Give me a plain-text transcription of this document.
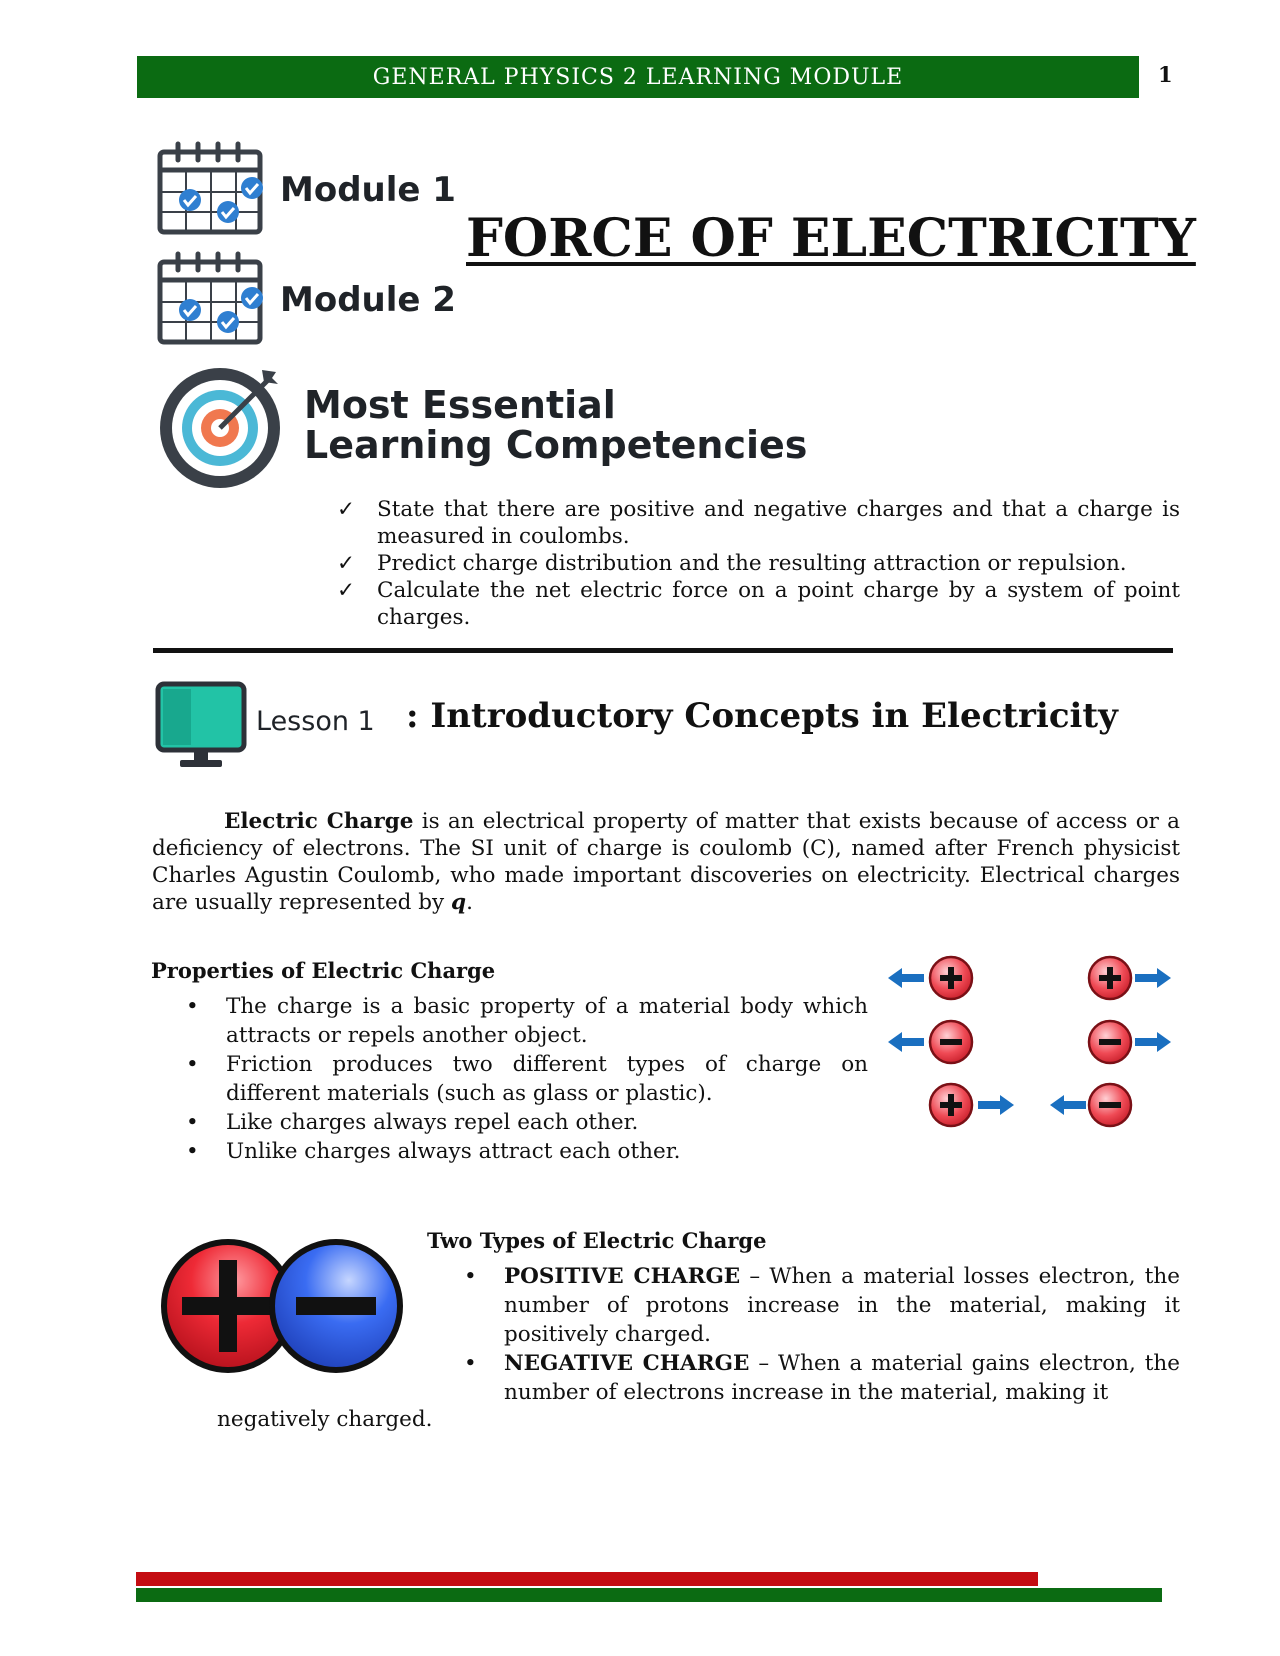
GENERAL PHYSICS 2 LEARNING MODULE	1
Module 1
Module 2
FORCE OF ELECTRICITY
Most Essential
Learning Competencies
✓	State that there are positive and negative charges and that a charge is measured in coulombs.
✓	Predict charge distribution and the resulting attraction or repulsion.
✓	Calculate the net electric force on a point charge by a system of point charges.
Lesson 1 : Introductory Concepts in Electricity
Electric Charge is an electrical property of matter that exists because of access or a deficiency of electrons. The SI unit of charge is coulomb (C), named after French physicist Charles Agustin Coulomb, who made important discoveries on electricity. Electrical charges are usually represented by q.
Properties of Electric Charge
•	The charge is a basic property of a material body which attracts or repels another object.
•	Friction produces two different types of charge on different materials (such as glass or plastic).
•	Like charges always repel each other.
•	Unlike charges always attract each other.
Two Types of Electric Charge
•	POSITIVE CHARGE – When a material losses electron, the number of protons increase in the material, making it positively charged.
•	NEGATIVE CHARGE – When a material gains electron, the number of electrons increase in the material, making it
negatively charged.
